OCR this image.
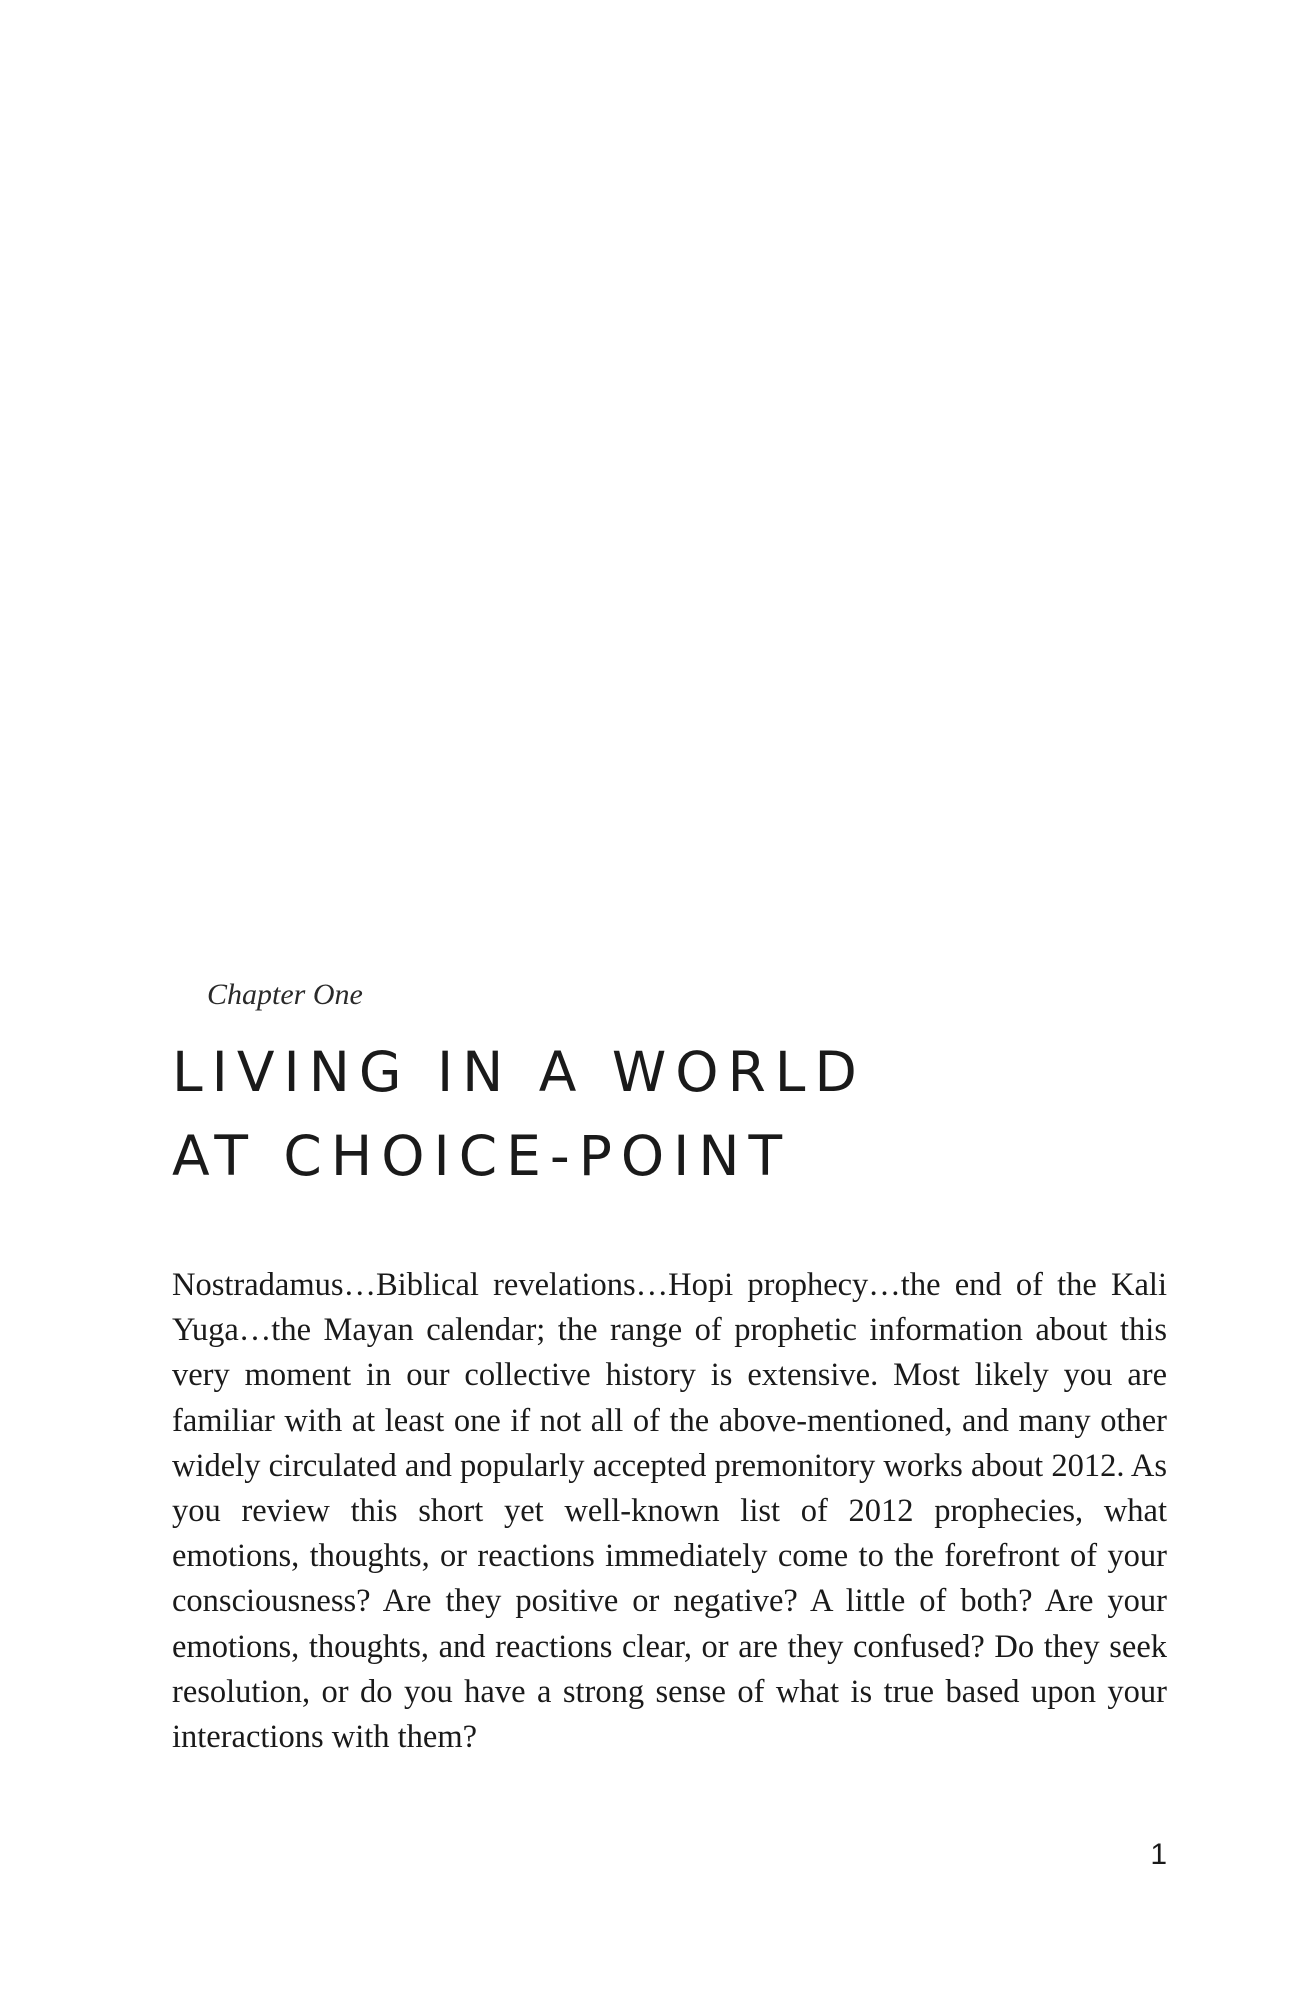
Chapter One
LIVING IN A WORLD
AT CHOICE-POINT

Nostradamus…Biblical revelations…Hopi prophecy…the end of the Kali Yuga…the Mayan calendar; the range of prophetic information about this very moment in our collective history is extensive. Most likely you are familiar with at least one if not all of the above-mentioned, and many other widely circulated and popularly accepted premonitory works about 2012. As you review this short yet well-known list of 2012 prophecies, what emotions, thoughts, or reactions immediately come to the forefront of your consciousness? Are they positive or negative? A little of both? Are your emotions, thoughts, and reactions clear, or are they confused? Do they seek resolution, or do you have a strong sense of what is true based upon your interactions with them?

1
